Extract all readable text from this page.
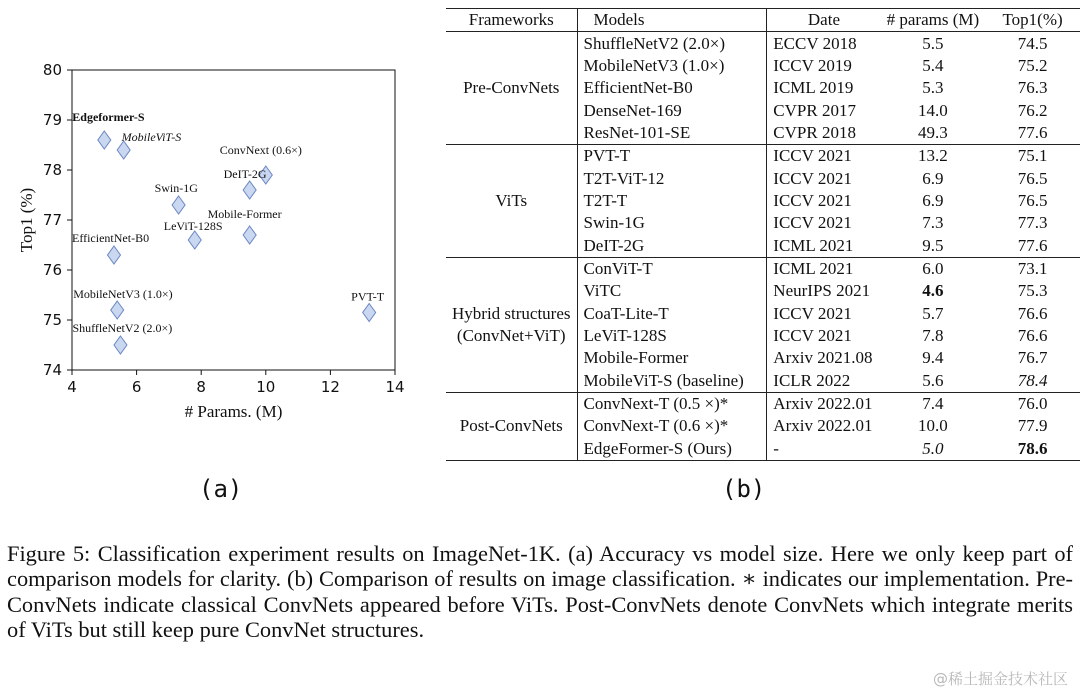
4	6	8	10	12	14
74
75
76
77
78
79
80
# Params. (M)
Top1 (%)
Edgeformer-S
MobileViT-S
ConvNext (0.6×)
DeIT-2G
Swin-1G
Mobile-Former
LeViT-128S
EfficientNet-B0
MobileNetV3 (1.0×)	PVT-T
ShuffleNetV2 (2.0×)
(a)	(b)
Frameworks	Models	Date	# params (M)	Top1(%)

Pre-ConvNets	ShuffleNetV2 (2.0×)	ECCV 2018	5.5	74.5
	MobileNetV3 (1.0×)	ICCV 2019	5.4	75.2
	EfficientNet-B0	ICML 2019	5.3	76.3
	DenseNet-169	CVPR 2017	14.0	76.2
	ResNet-101-SE	CVPR 2018	49.3	77.6

ViTs	PVT-T	ICCV 2021	13.2	75.1
	T2T-ViT-12	ICCV 2021	6.9	76.5
	T2T-T	ICCV 2021	6.9	76.5
	Swin-1G	ICCV 2021	7.3	77.3
	DeIT-2G	ICML 2021	9.5	77.6

Hybrid structures
(ConvNet+ViT)	ConViT-T	ICML 2021	6.0	73.1
	ViTC	NeurIPS 2021	4.6	75.3
	CoaT-Lite-T	ICCV 2021	5.7	76.6
	LeViT-128S	ICCV 2021	7.8	76.6
	Mobile-Former	Arxiv 2021.08	9.4	76.7
	MobileViT-S (baseline)	ICLR 2022	5.6	78.4

Post-ConvNets	ConvNext-T (0.5 ×)*	Arxiv 2022.01	7.4	76.0
	ConvNext-T (0.6 ×)*	Arxiv 2022.01	10.0	77.9
	EdgeFormer-S (Ours)	-	5.0	78.6
Figure 5: Classification experiment results on ImageNet-1K. (a) Accuracy vs model size. Here we only keep part of comparison models for clarity. (b) Comparison of results on image classification. ∗ indicates our implementation. Pre-ConvNets indicate classical ConvNets appeared before ViTs. Post-ConvNets denote ConvNets which integrate merits of ViTs but still keep pure ConvNet structures.
@稀土掘金技术社区
